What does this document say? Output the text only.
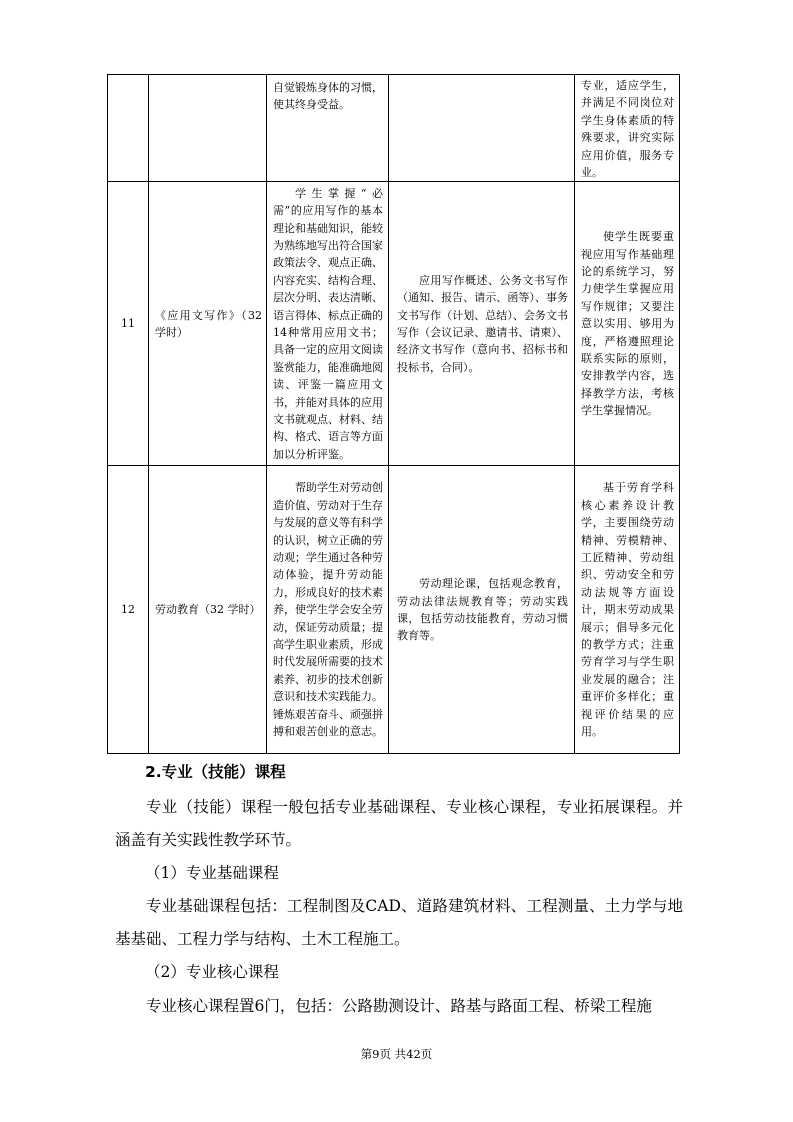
		自觉锻炼身体的习惯，使其终身受益。		专业，适应学生，并满足不同岗位对学生身体素质的特殊要求，讲究实际应用价值，服务专业。

11	《应用文写作》（32学时）	学生掌握“必需”的应用写作的基本理论和基础知识，能较为熟练地写出符合国家政策法令、观点正确、内容充实、结构合理、层次分明、表达清晰、语言得体、标点正确的14种常用应用文书；具备一定的应用文阅读鉴赏能力，能准确地阅读、评鉴一篇应用文书，并能对具体的应用文书就观点、材料、结构、格式、语言等方面加以分析评鉴。	应用写作概述、公务文书写作（通知、报告、请示、函等）、事务文书写作（计划、总结）、会务文书写作（会议记录、邀请书、请柬）、经济文书写作（意向书、招标书和投标书，合同）。	使学生既要重视应用写作基础理论的系统学习，努力使学生掌握应用写作规律；又要注意以实用、够用为度，严格遵照理论联系实际的原则，安排教学内容，选择教学方法，考核学生掌握情况。

12	劳动教育（32 学时）	帮助学生对劳动创造价值、劳动对于生存与发展的意义等有科学的认识，树立正确的劳动观；学生通过各种劳动体验，提升劳动能力，形成良好的技术素养，使学生学会安全劳动，保证劳动质量；提高学生职业素质，形成时代发展所需要的技术素养、初步的技术创新意识和技术实践能力。锤炼艰苦奋斗、顽强拼搏和艰苦创业的意志。	劳动理论课，包括观念教育，劳动法律法规教育等；劳动实践课，包括劳动技能教育，劳动习惯教育等。	基于劳育学科核心素养设计教学，主要围绕劳动精神、劳模精神、工匠精神、劳动组织、劳动安全和劳动法规等方面设计，期末劳动成果展示；倡导多元化的教学方式；注重劳育学习与学生职业发展的融合；注重评价多样化；重视评价结果的应用。
2.专业（技能）课程
专业（技能）课程一般包括专业基础课程、专业核心课程，专业拓展课程。并涵盖有关实践性教学环节。
（1）专业基础课程
专业基础课程包括：工程制图及CAD、道路建筑材料、工程测量、土力学与地基基础、工程力学与结构、土木工程施工。
（2）专业核心课程
专业核心课程置6门，包括：公路勘测设计、路基与路面工程、桥梁工程施
第9页 共42页
